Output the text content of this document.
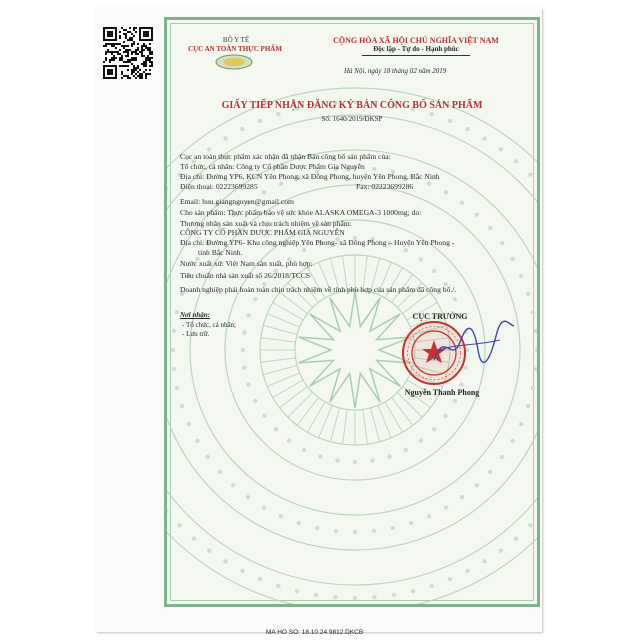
BỘ Y TẾ
CỤC AN TOÀN THỰC PHẨM
CỘNG HÒA XÃ HỘI CHỦ NGHĨA VIỆT NAM
Độc lập - Tự do - Hạnh phúc
Hà Nội, ngày 18 tháng 02 năm 2019
GIẤY TIẾP NHẬN ĐĂNG KÝ BẢN CÔNG BỐ SẢN PHẨM
Số: 1640/2019/ĐKSP
Cục an toàn thực phẩm xác nhận đã nhận Bản công bố sản phẩm của:
Tổ chức, cá nhân: Công ty Cổ phần Dược Phẩm Gia Nguyễn
Địa chỉ: Đường YP6, KCN Yên Phong, xã Đông Phong, huyện Yên Phong, Bắc Ninh
Điện thoại: 02223699285	Fax: 02223699286
Email: huu.giangnguyen@gmail.com
Cho sản phẩm: Thực phẩm bảo vệ sức khỏe ALASKA OMEGA-3 1000mg; do:
Thương nhân sản xuất và chịu trách nhiệm về sản phẩm:
CÔNG TY CỔ PHẦN DƯỢC PHẨM GIA NGUYỄN
Địa chỉ: Đường YP6- Khu công nghiệp Yên Phong- xã Đông Phong – Huyện Yên Phong -
tỉnh Bắc Ninh.
Nước xuất xứ: Việt Nam sản xuất, phù hợp:
Tiêu chuẩn nhà sản xuất số 26/2018/TCCS
Doanh nghiệp phải hoàn toàn chịu trách nhiệm về tính phù hợp của sản phẩm đã công bố./.
Nơi nhận:
- Tổ chức, cá nhân;
- Lưu trữ.
CỤC TRƯỞNG
Nguyễn Thanh Phong
MA HO SO: 18.10.24.9812.DKCB
